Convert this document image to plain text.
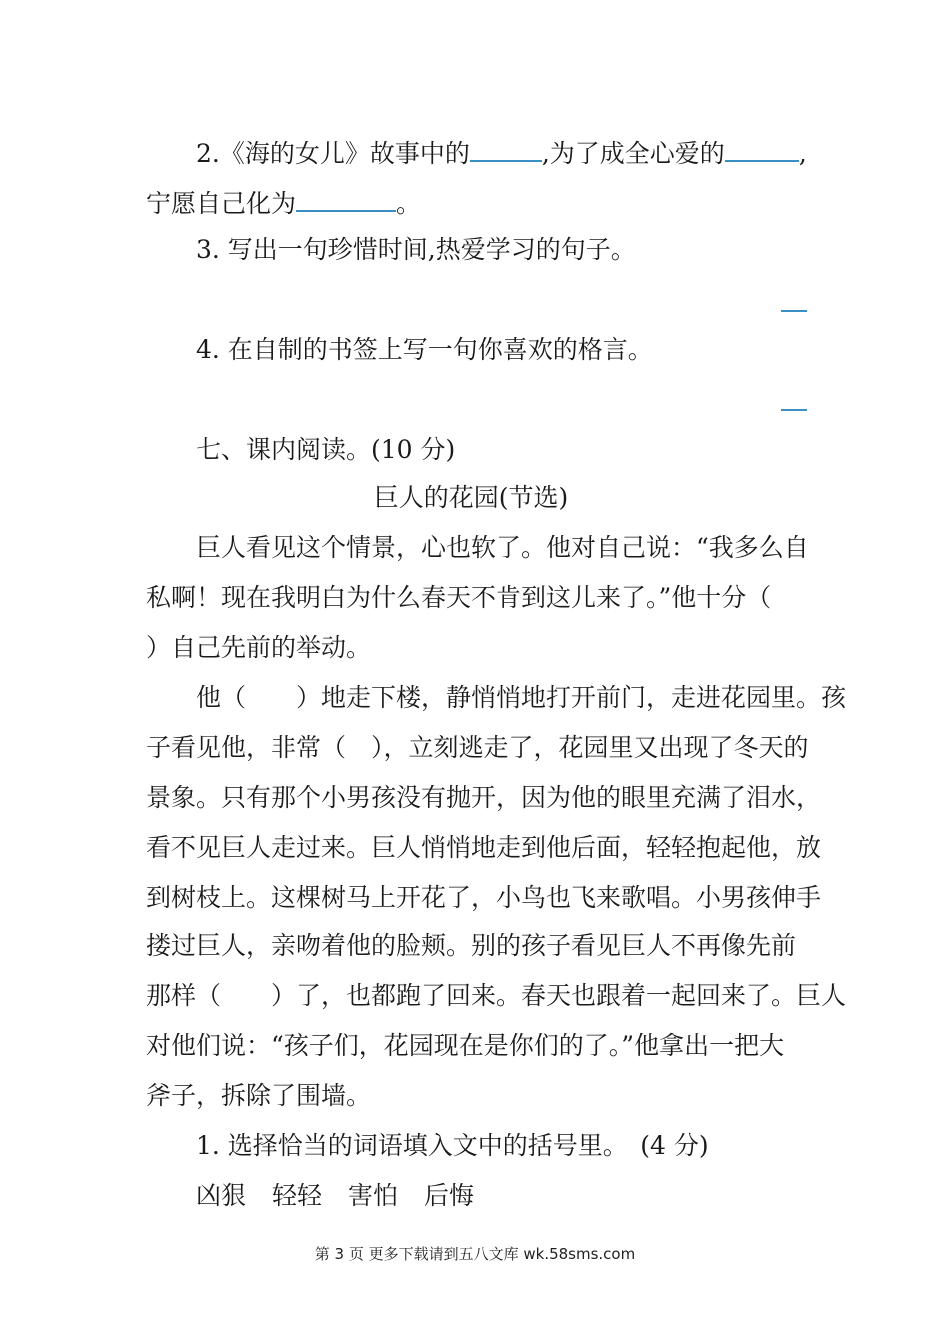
2.《海的女儿》故事中的	,为了成全心爱的	,
宁愿自己化为	。
3. 写出一句珍惜时间,热爱学习的句子。
4. 在自制的书签上写一句你喜欢的格言。
七、课内阅读。(10 分)
巨人的花园(节选)
巨人看见这个情景，心也软了。他对自己说：“我多么自
私啊！现在我明白为什么春天不肯到这儿来了。”他十分（
）自己先前的举动。
他（　　）地走下楼，静悄悄地打开前门，走进花园里。孩
子看见他，非常（　），立刻逃走了，花园里又出现了冬天的
景象。只有那个小男孩没有抛开，因为他的眼里充满了泪水，
看不见巨人走过来。巨人悄悄地走到他后面，轻轻抱起他，放
到树枝上。这棵树马上开花了，小鸟也飞来歌唱。小男孩伸手
搂过巨人，亲吻着他的脸颊。别的孩子看见巨人不再像先前
那样（　　）了，也都跑了回来。春天也跟着一起回来了。巨人
对他们说：“孩子们，花园现在是你们的了。”他拿出一把大
斧子，拆除了围墙。
1. 选择恰当的词语填入文中的括号里。　(4 分)
凶狠 轻轻 害怕 后悔
第 3 页 更多下载请到五八文库 wk.58sms.com
